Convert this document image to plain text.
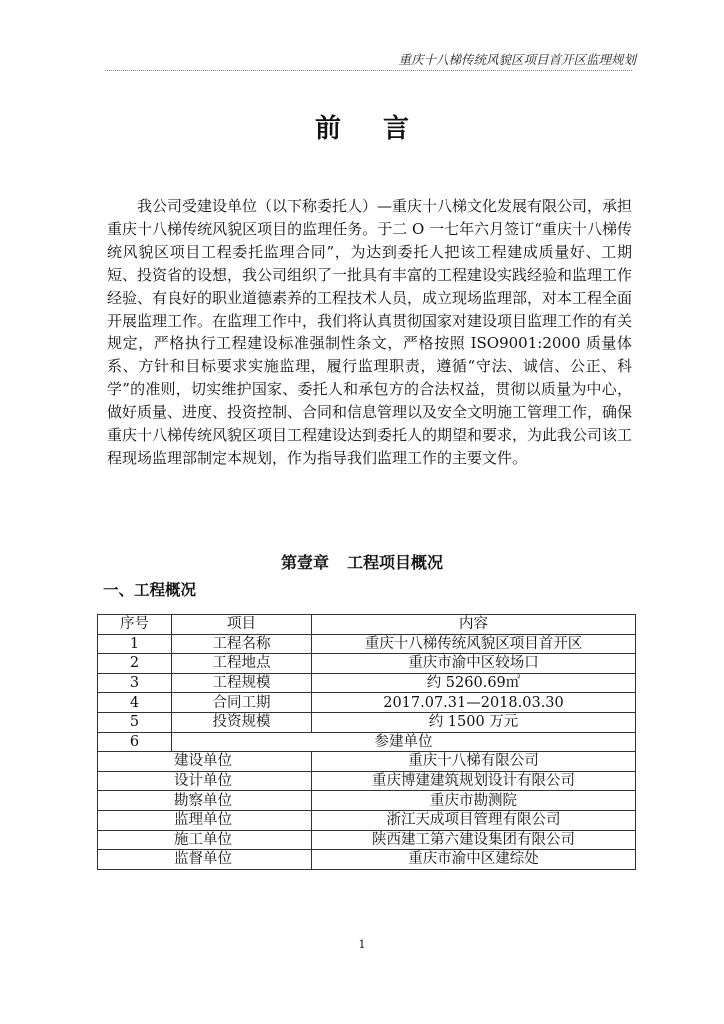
重庆十八梯传统风貌区项目首开区监理规划
前言

我公司受建设单位（以下称委托人）—重庆十八梯文化发展有限公司，承担重庆十八梯传统风貌区项目的监理任务。于二 O 一七年六月签订“重庆十八梯传统风貌区项目工程委托监理合同”，为达到委托人把该工程建成质量好、工期短、投资省的设想，我公司组织了一批具有丰富的工程建设实践经验和监理工作经验、有良好的职业道德素养的工程技术人员，成立现场监理部，对本工程全面开展监理工作。在监理工作中，我们将认真贯彻国家对建设项目监理工作的有关规定，严格执行工程建设标准强制性条文，严格按照 ISO9001:2000 质量体系、方针和目标要求实施监理，履行监理职责，遵循“守法、诚信、公正、科学”的准则，切实维护国家、委托人和承包方的合法权益，贯彻以质量为中心，做好质量、进度、投资控制、合同和信息管理以及安全文明施工管理工作，确保重庆十八梯传统风貌区项目工程建设达到委托人的期望和要求，为此我公司该工程现场监理部制定本规划，作为指导我们监理工作的主要文件。

第壹章 工程项目概况
一、工程概况
序号	项目	内容
1	工程名称	重庆十八梯传统风貌区项目首开区
2	工程地点	重庆市渝中区较场口
3	工程规模	约 5260.69㎡
4	合同工期	2017.07.31—2018.03.30
5	投资规模	约 1500 万元
6	参建单位	
建设单位		重庆十八梯有限公司
设计单位		重庆博建建筑规划设计有限公司
勘察单位		重庆市勘测院
监理单位		浙江天成项目管理有限公司
施工单位		陕西建工第六建设集团有限公司
监督单位		重庆市渝中区建综处
1
